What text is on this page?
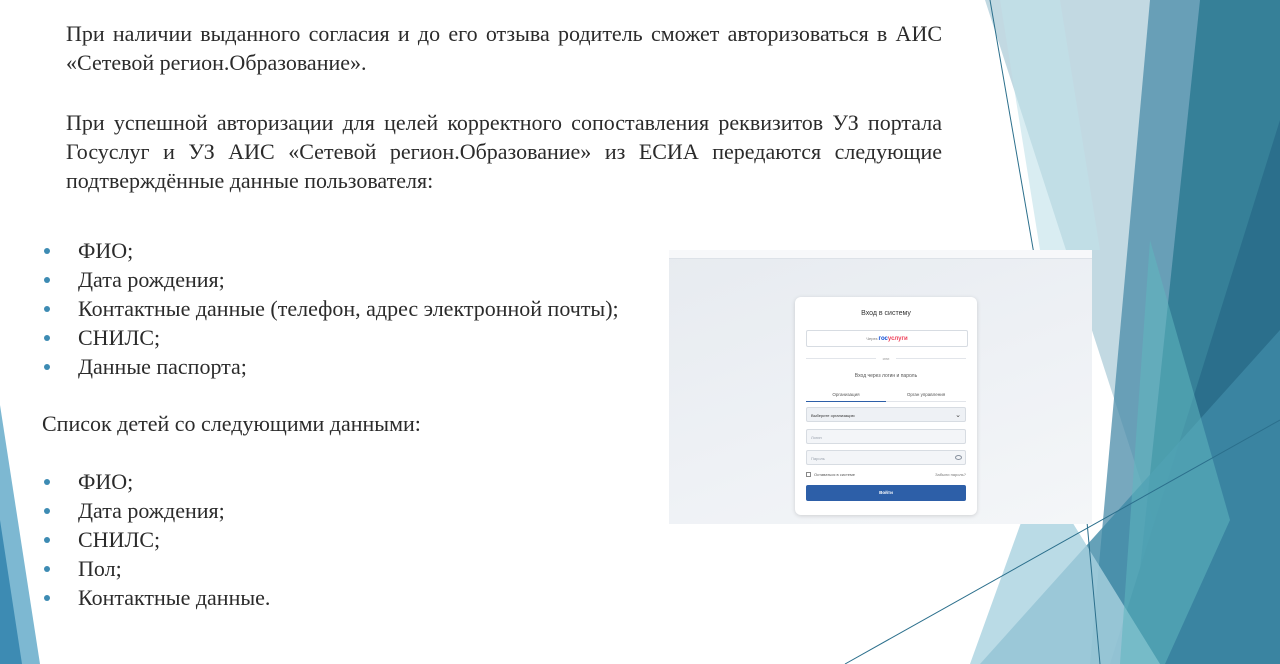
При наличии выданного согласия и до его отзыва родитель сможет авторизоваться в АИС «Сетевой регион.Образование».

При успешной авторизации для целей корректного сопоставления реквизитов УЗ портала Госуслуг и УЗ АИС «Сетевой регион.Образование» из ЕСИА передаются следующие подтверждённые данные пользователя:

ФИО;
Дата рождения;
Контактные данные (телефон, адрес электронной почты);
СНИЛС;
Данные паспорта;

Список детей со следующими данными:

ФИО;
Дата рождения;
СНИЛС;
Пол;
Контактные данные.
Вход в систему
Через госуслуги
или
Вход через логин и пароль
Организация	Орган управления
Выберите организацию	⌄
Логин
Пароль
Оставаться в системе	Забыли пароль?
Войти
